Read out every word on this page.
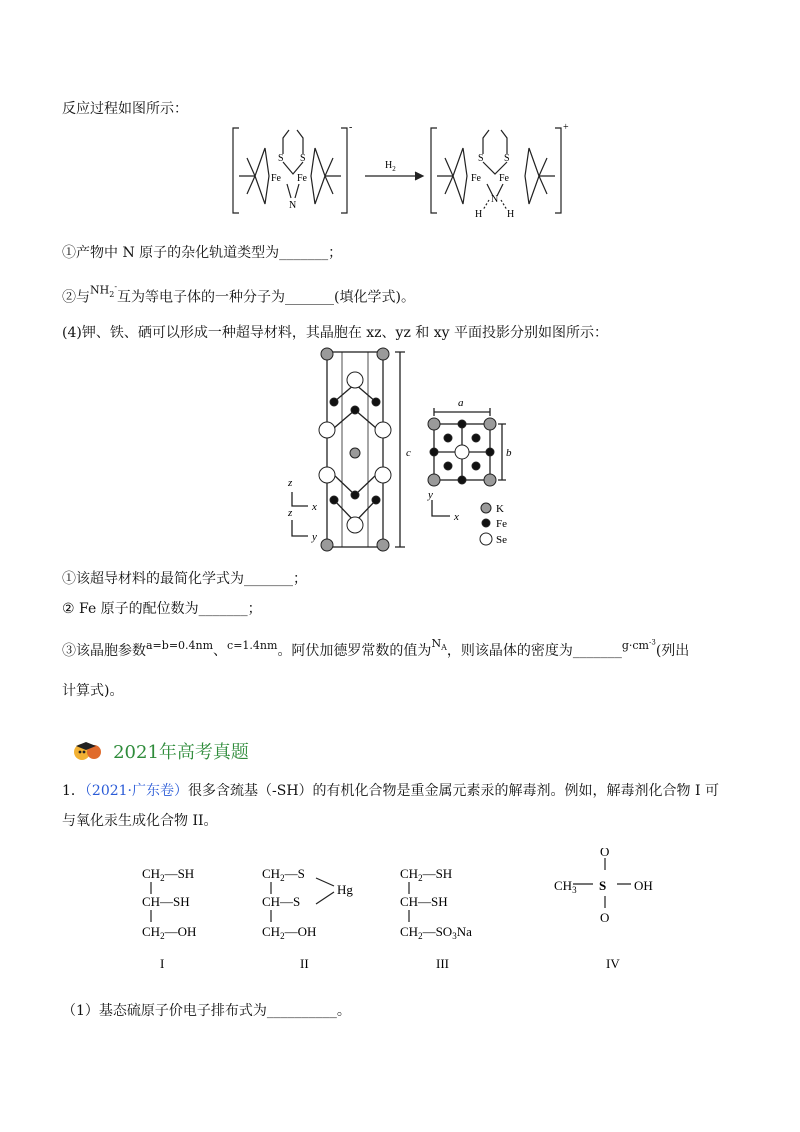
反应过程如图所示：
-	+
S S
Fe Fe
N
$H_2$
S S
Fe Fe
N
H H
①产物中 N 原子的杂化轨道类型为_______；
②与$NH_2^-$互为等电子体的一种分子为_______(填化学式)。
(4)钾、铁、硒可以形成一种超导材料，其晶胞在 xz、yz 和 xy 平面投影分别如图所示：
z
x
z
y
c
a
b
y
x
K
Fe
Se
①该超导材料的最简化学式为_______；
② Fe 原子的配位数为_______；
③该晶胞参数$^{a=b=0.4nm}$、$^{c=1.4nm}$。阿伏加德罗常数的值为$^{N_A}$，则该晶体的密度为_______$^{g\cdot cm^{-3}}$(列出
计算式)。
2021年高考真题
1．（2021·广东卷）很多含巯基（-SH）的有机化合物是重金属元素汞的解毒剂。例如，解毒剂化合物 I 可
与氧化汞生成化合物 II。
$CH_2—SH$
CH—SH
$CH_2—OH$
I
$CH_2—S$
CH—S
$CH_2—OH$
Hg
II
$CH_2—SH$
CH—SH
$CH_2—SO_3Na$
III
O
$CH_3$ S OH
O
IV
（1）基态硫原子价电子排布式为__________。
